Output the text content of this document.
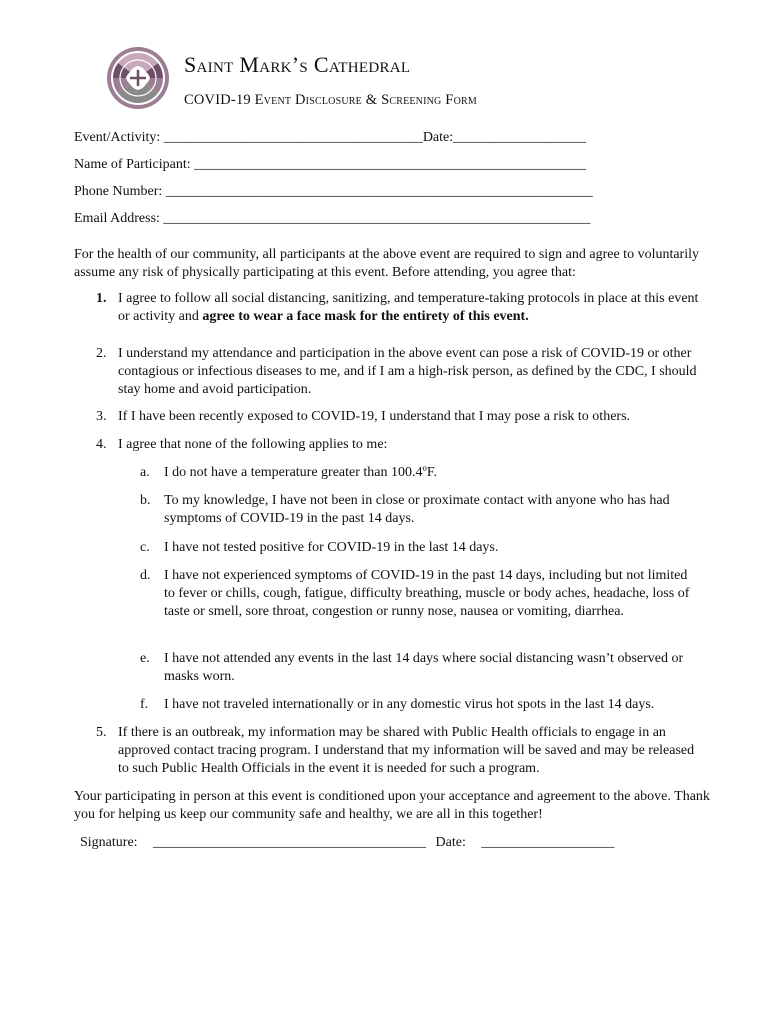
Saint Mark’s Cathedral
COVID-19 Event Disclosure & Screening Form
Event/Activity: _____________________________________Date:___________________
Name of Participant: ________________________________________________________
Phone Number: _____________________________________________________________
Email Address: _____________________________________________________________
For the health of our community, all participants at the above event are required to sign and agree to voluntarily assume any risk of physically participating at this event. Before attending, you agree that:
1. I agree to follow all social distancing, sanitizing, and temperature-taking protocols in place at this event or activity and agree to wear a face mask for the entirety of this event.
2. I understand my attendance and participation in the above event can pose a risk of COVID-19 or other contagious or infectious diseases to me, and if I am a high-risk person, as defined by the CDC, I should stay home and avoid participation.
3. If I have been recently exposed to COVID-19, I understand that I may pose a risk to others.
4. I agree that none of the following applies to me:
a. I do not have a temperature greater than 100.4ºF.
b. To my knowledge, I have not been in close or proximate contact with anyone who has had symptoms of COVID-19 in the past 14 days.
c. I have not tested positive for COVID-19 in the last 14 days.
d. I have not experienced symptoms of COVID-19 in the past 14 days, including but not limited to fever or chills, cough, fatigue, difficulty breathing, muscle or body aches, headache, loss of taste or smell, sore throat, congestion or runny nose, nausea or vomiting, diarrhea.
e. I have not attended any events in the last 14 days where social distancing wasn’t observed or masks worn.
f. I have not traveled internationally or in any domestic virus hot spots in the last 14 days.
5. If there is an outbreak, my information may be shared with Public Health officials to engage in an approved contact tracing program. I understand that my information will be saved and may be released to such Public Health Officials in the event it is needed for such a program.
Your participating in person at this event is conditioned upon your acceptance and agreement to the above. Thank you for helping us keep our community safe and healthy, we are all in this together!
Signature: _______________________________________ Date: ___________________
